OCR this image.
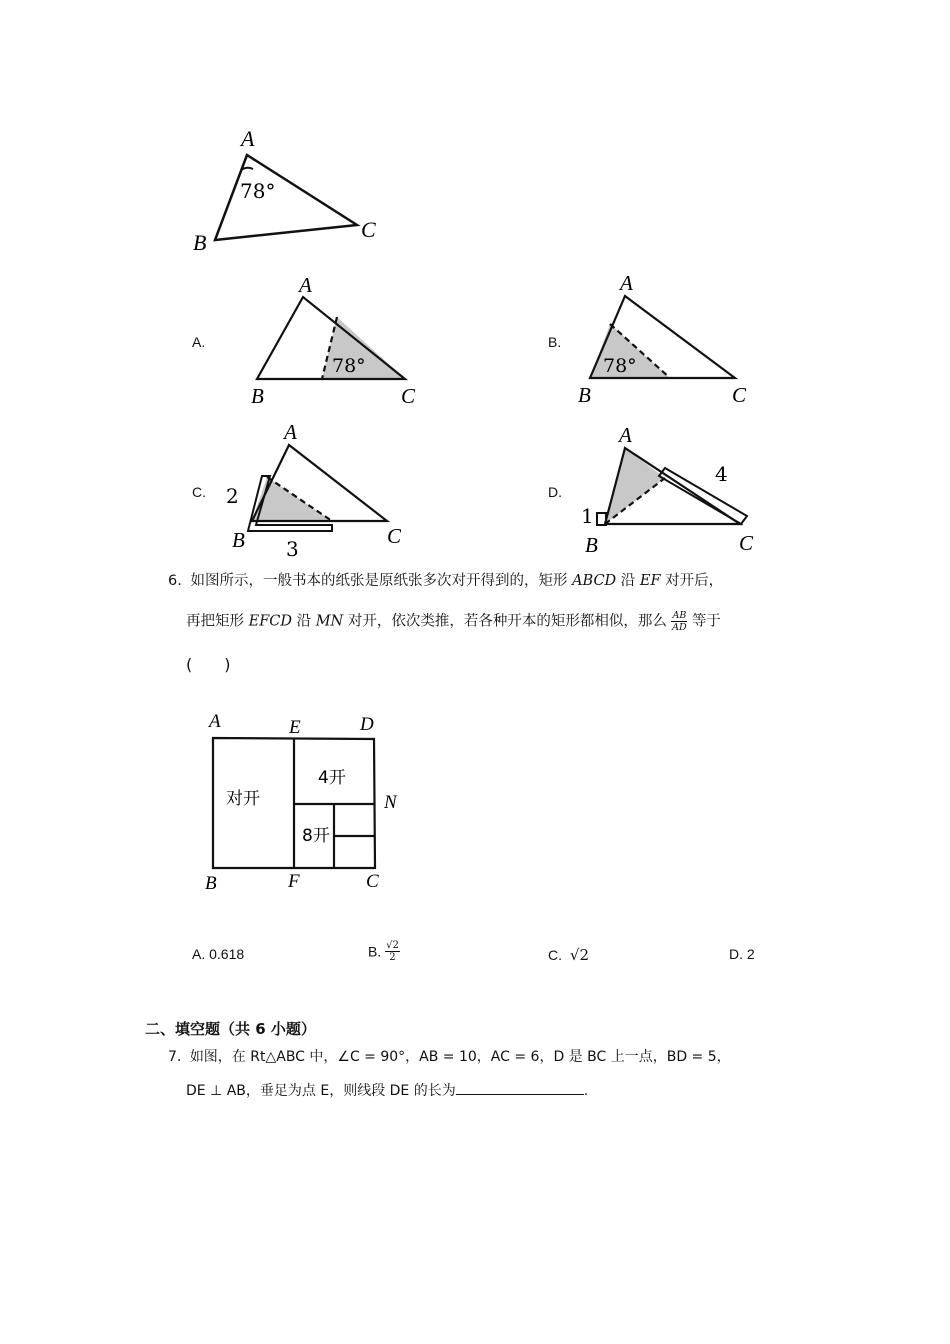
A
B
C
78°
A.
A
B	C
78°
B.
A
B	C
78°
C.
A
B	C
2
3
D.
A
B	C
1
4
6. 如图所示，一般书本的纸张是原纸张多次对开得到的，矩形 ABCD 沿 EF 对开后，
再把矩形 EFCD 沿 MN 对开，依次类推，若各种开本的矩形都相似，那么 $\frac{AB}{AD}$ 等于
(　　)
A	E	D
N
B	F	C
对开
4开
8开
A. 0.618	B. $\frac{√2}{2}$	C. √2	D. 2
二、填空题（共 6 小题）
7. 如图，在 Rt△ABC 中，∠C = 90°，AB = 10，AC = 6，D 是 BC 上一点，BD = 5，
DE ⊥ AB，垂足为点 E，则线段 DE 的长为	.
